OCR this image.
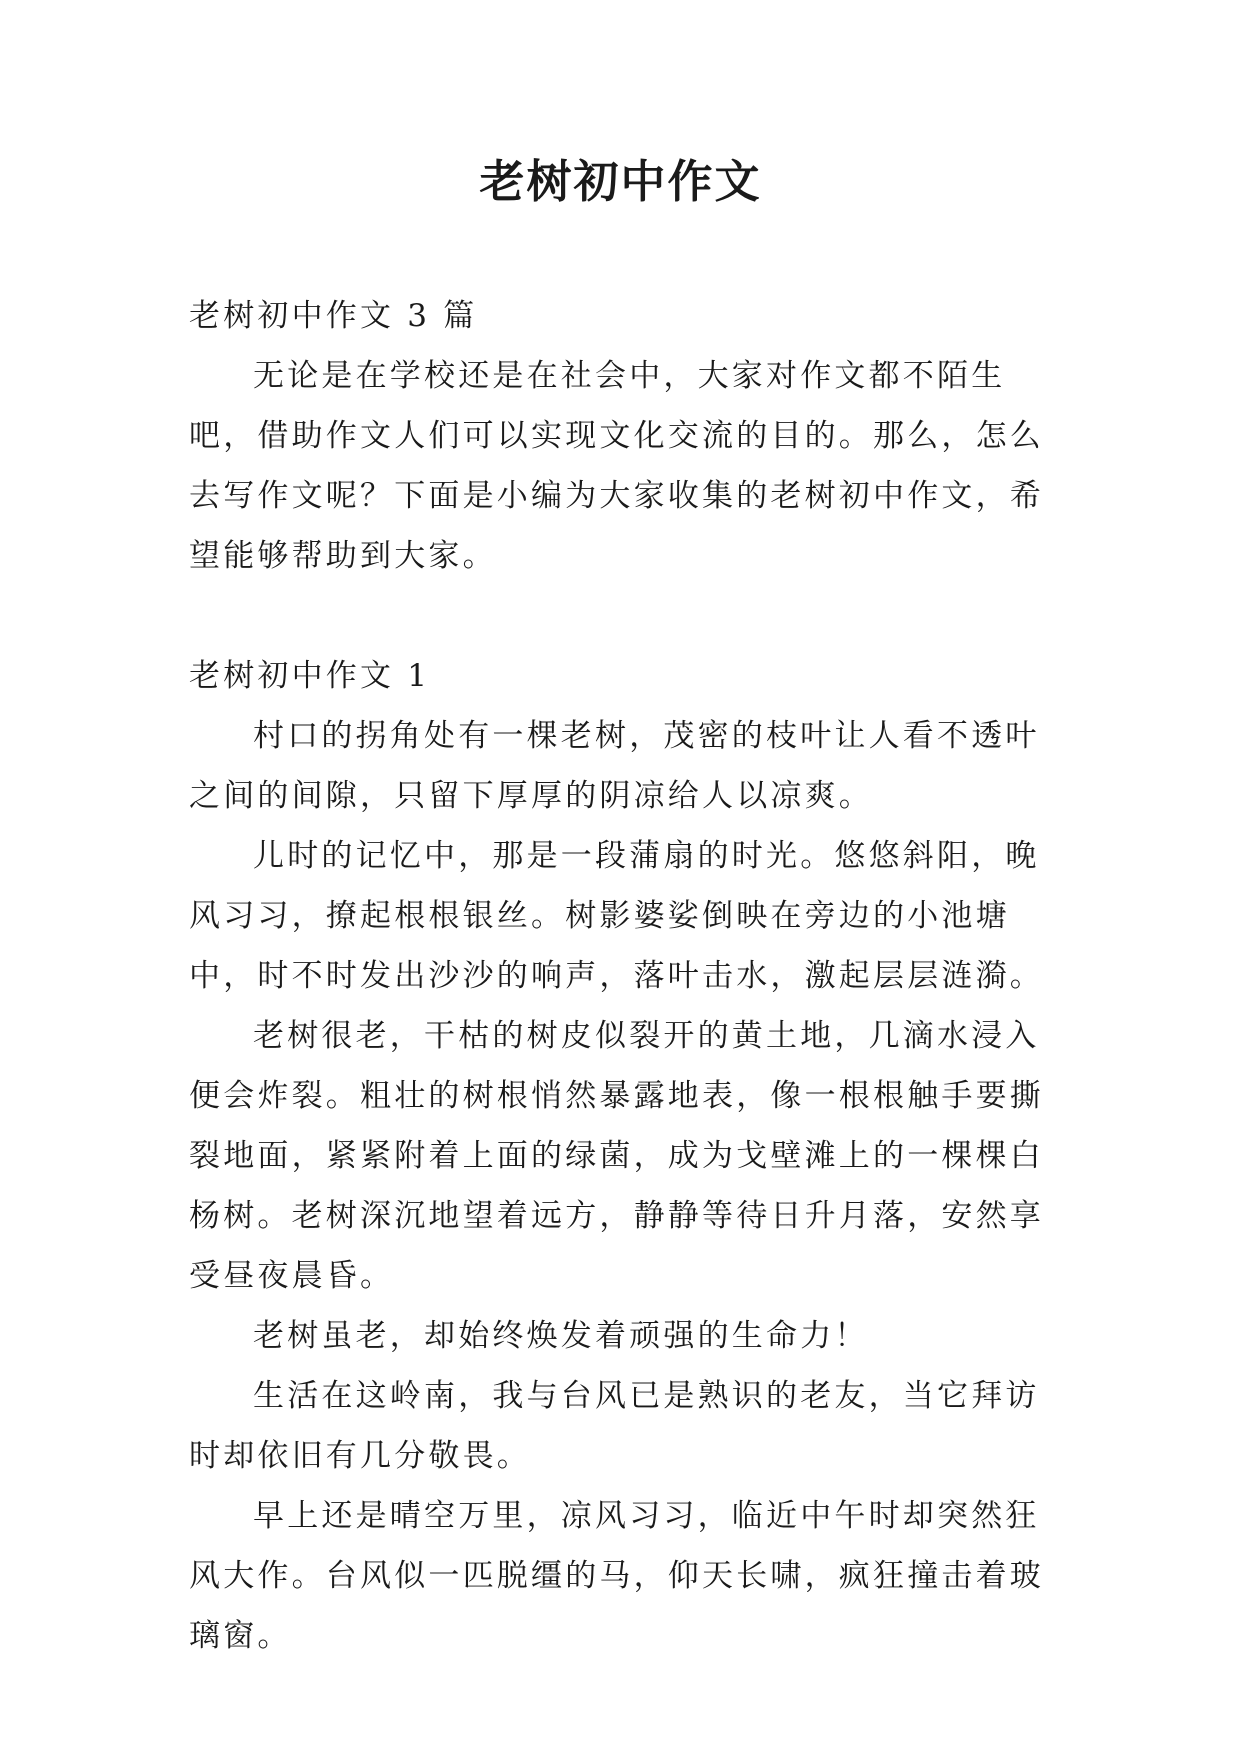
老树初中作文

老树初中作文 3 篇

无论是在学校还是在社会中，大家对作文都不陌生吧，借助作文人们可以实现文化交流的目的。那么，怎么去写作文呢？下面是小编为大家收集的老树初中作文，希望能够帮助到大家。

老树初中作文 1

村口的拐角处有一棵老树，茂密的枝叶让人看不透叶之间的间隙，只留下厚厚的阴凉给人以凉爽。

儿时的记忆中，那是一段蒲扇的时光。悠悠斜阳，晚风习习，撩起根根银丝。树影婆娑倒映在旁边的小池塘中，时不时发出沙沙的响声，落叶击水，激起层层涟漪。

老树很老，干枯的树皮似裂开的黄土地，几滴水浸入便会炸裂。粗壮的树根悄然暴露地表，像一根根触手要撕裂地面，紧紧附着上面的绿菌，成为戈壁滩上的一棵棵白杨树。老树深沉地望着远方，静静等待日升月落，安然享受昼夜晨昏。

老树虽老，却始终焕发着顽强的生命力！

生活在这岭南，我与台风已是熟识的老友，当它拜访时却依旧有几分敬畏。

早上还是晴空万里，凉风习习，临近中午时却突然狂风大作。台风似一匹脱缰的马，仰天长啸，疯狂撞击着玻璃窗。
